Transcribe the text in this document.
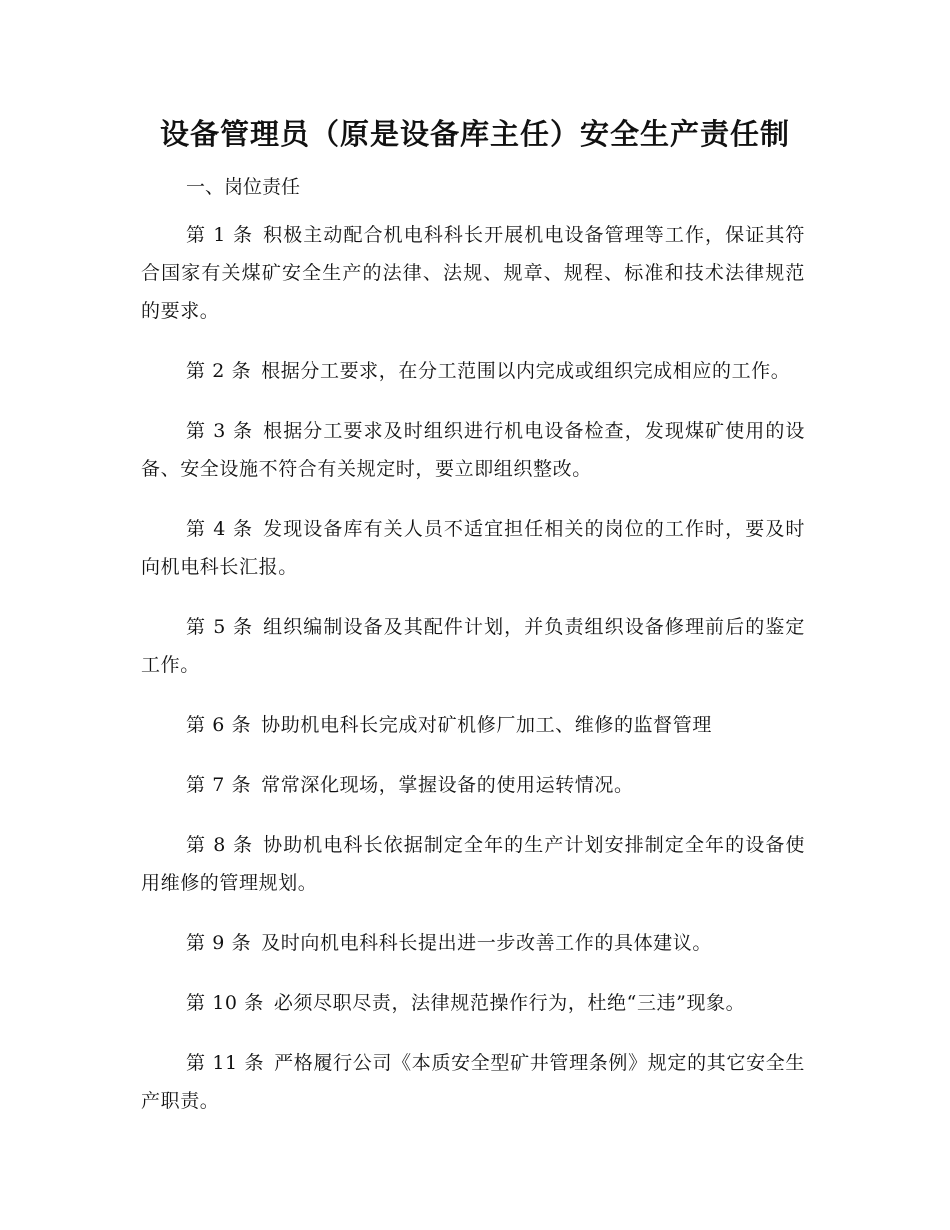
设备管理员（原是设备库主任）安全生产责任制
一、岗位责任

第 1 条 积极主动配合机电科科长开展机电设备管理等工作，保证其符合国家有关煤矿安全生产的法律、法规、规章、规程、标准和技术法律规范的要求。

第 2 条 根据分工要求，在分工范围以内完成或组织完成相应的工作。

第 3 条 根据分工要求及时组织进行机电设备检查，发现煤矿使用的设备、安全设施不符合有关规定时，要立即组织整改。

第 4 条 发现设备库有关人员不适宜担任相关的岗位的工作时，要及时向机电科长汇报。

第 5 条 组织编制设备及其配件计划，并负责组织设备修理前后的鉴定工作。

第 6 条 协助机电科长完成对矿机修厂加工、维修的监督管理

第 7 条 常常深化现场，掌握设备的使用运转情况。

第 8 条 协助机电科长依据制定全年的生产计划安排制定全年的设备使用维修的管理规划。

第 9 条 及时向机电科科长提出进一步改善工作的具体建议。

第 10 条 必须尽职尽责，法律规范操作行为，杜绝“三违”现象。

第 11 条 严格履行公司《本质安全型矿井管理条例》规定的其它安全生产职责。
